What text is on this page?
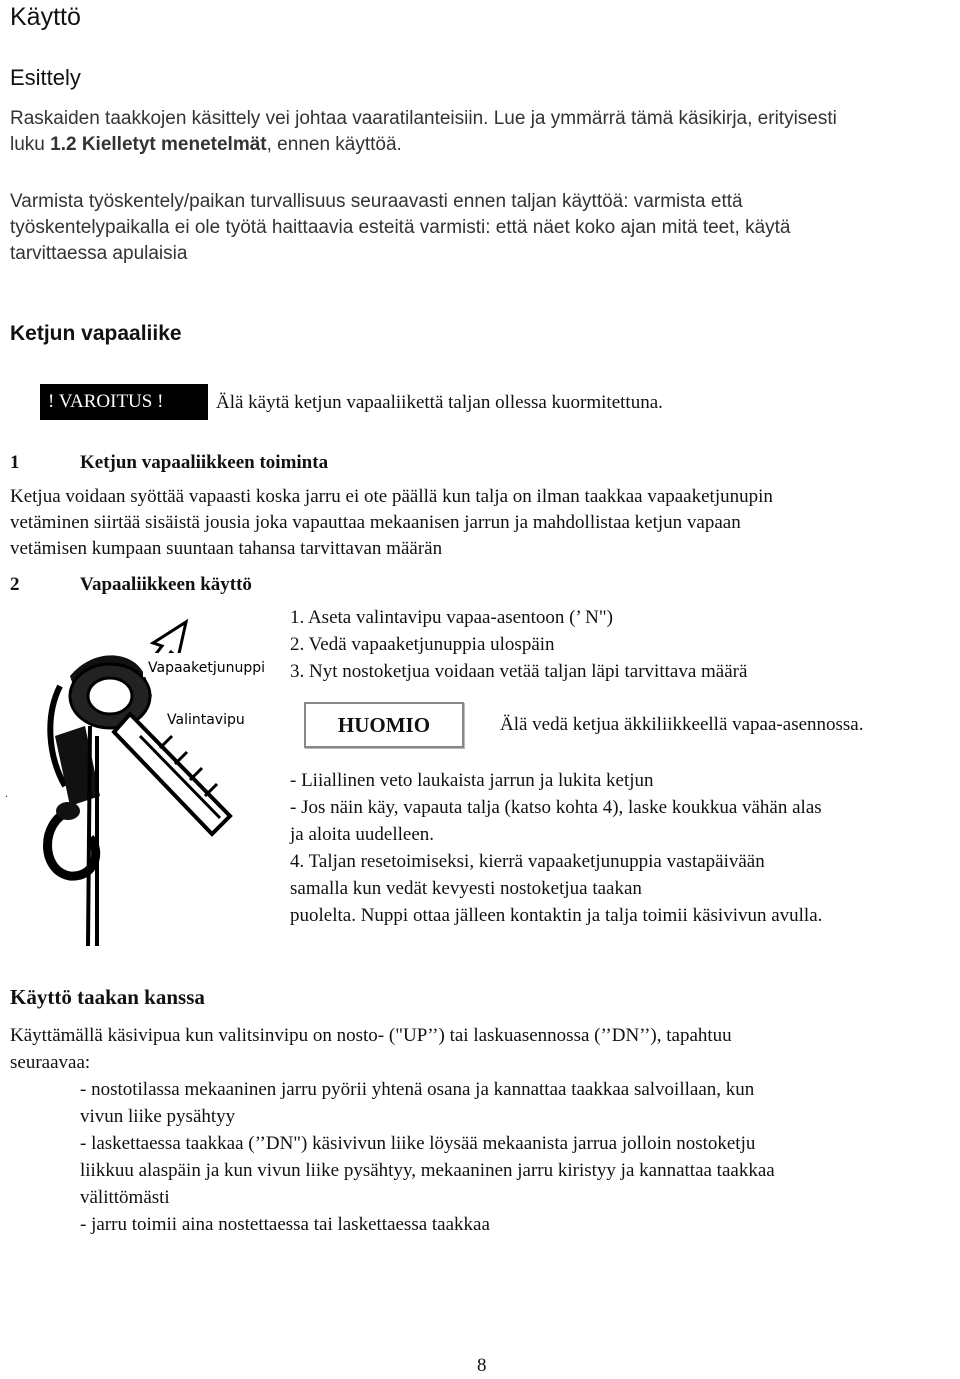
Käyttö
Esittely
Raskaiden taakkojen käsittely vei johtaa vaaratilanteisiin. Lue ja ymmärrä tämä käsikirja, erityisesti
luku 1.2 Kielletyt menetelmät, ennen käyttöä.
Varmista työskentely/paikan turvallisuus seuraavasti ennen taljan käyttöä: varmista että
työskentelypaikalla ei ole työtä haittaavia esteitä varmisti: että näet koko ajan mitä teet, käytä
tarvittaessa apulaisia
Ketjun vapaaliike
! VAROITUS !	Älä käytä ketjun vapaaliikettä taljan ollessa kuormitettuna.
1	Ketjun vapaaliikkeen toiminta
Ketjua voidaan syöttää vapaasti koska jarru ei ote päällä kun talja on ilman taakkaa vapaaketjunupin
vetäminen siirtää sisäistä jousia joka vapauttaa mekaanisen jarrun ja mahdollistaa ketjun vapaan
vetämisen kumpaan suuntaan tahansa tarvittavan määrän
2	Vapaaliikkeen käyttö
Vapaaketjunuppi
Valintavipu
.
1. Aseta valintavipu vapaa-asentoon (’ N")
2. Vedä vapaaketjunuppia ulospäin
3. Nyt nostoketjua voidaan vetää taljan läpi tarvittava määrä
HUOMIO	Älä vedä ketjua äkkiliikkeellä vapaa-asennossa.
- Liiallinen veto laukaista jarrun ja lukita ketjun
- Jos näin käy, vapauta talja (katso kohta 4), laske koukkua vähän alas
ja aloita uudelleen.
4. Taljan resetoimiseksi, kierrä vapaaketjunuppia vastapäivään
samalla kun vedät kevyesti nostoketjua taakan
puolelta. Nuppi ottaa jälleen kontaktin ja talja toimii käsivivun avulla.
Käyttö taakan kanssa
Käyttämällä käsivipua kun valitsinvipu on nosto- ("UP’’) tai laskuasennossa (’’DN’’), tapahtuu
seuraavaa:
- nostotilassa mekaaninen jarru pyörii yhtenä osana ja kannattaa taakkaa salvoillaan, kun
vivun liike pysähtyy
- laskettaessa taakkaa (’’DN") käsivivun liike löysää mekaanista jarrua jolloin nostoketju
liikkuu alaspäin ja kun vivun liike pysähtyy, mekaaninen jarru kiristyy ja kannattaa taakkaa
välittömästi
- jarru toimii aina nostettaessa tai laskettaessa taakkaa
8
